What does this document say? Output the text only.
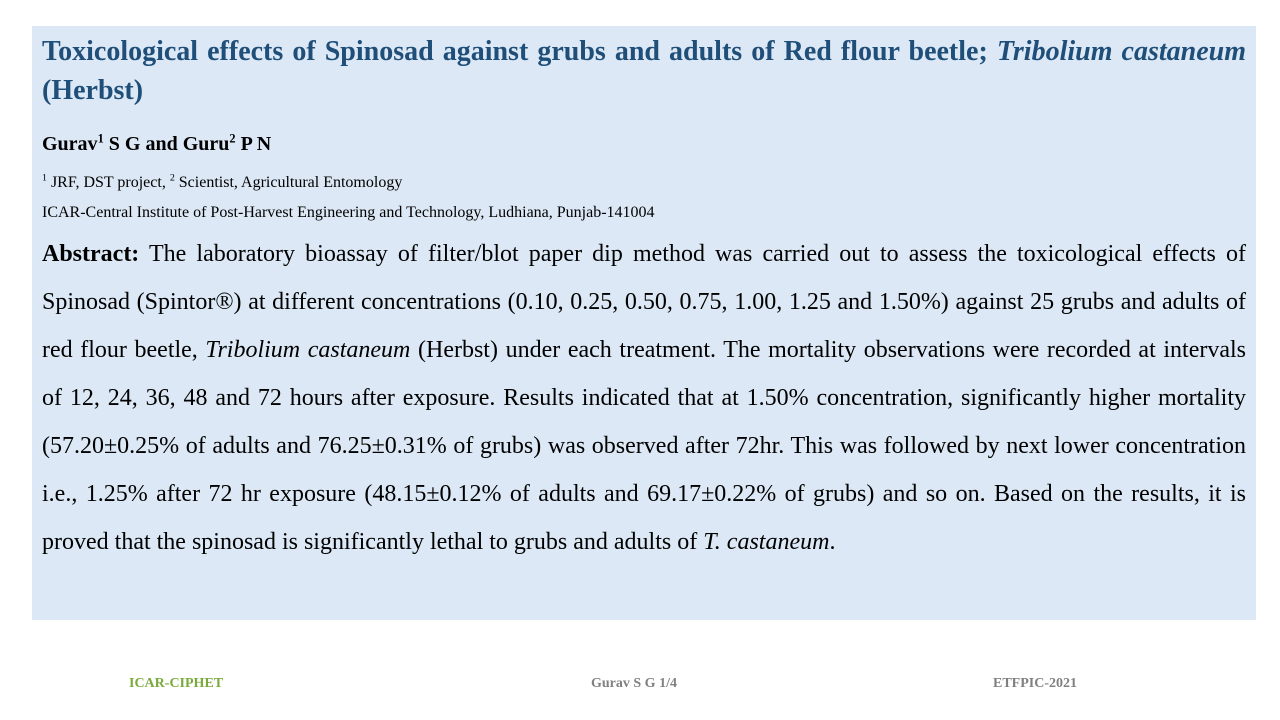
Toxicological effects of Spinosad against grubs and adults of Red flour beetle; Tribolium castaneum (Herbst)
Gurav$^1$ S G and Guru$^2$ P N
$^1$ JRF, DST project, $^2$ Scientist, Agricultural Entomology
ICAR-Central Institute of Post-Harvest Engineering and Technology, Ludhiana, Punjab-141004
Abstract: The laboratory bioassay of filter/blot paper dip method was carried out to assess the toxicological effects of Spinosad (Spintor®) at different concentrations (0.10, 0.25, 0.50, 0.75, 1.00, 1.25 and 1.50%) against 25 grubs and adults of red flour beetle, Tribolium castaneum (Herbst) under each treatment. The mortality observations were recorded at intervals of 12, 24, 36, 48 and 72 hours after exposure. Results indicated that at 1.50% concentration, significantly higher mortality (57.20±0.25% of adults and 76.25±0.31% of grubs) was observed after 72hr. This was followed by next lower concentration i.e., 1.25% after 72 hr exposure (48.15±0.12% of adults and 69.17±0.22% of grubs) and so on. Based on the results, it is proved that the spinosad is significantly lethal to grubs and adults of T. castaneum.
ICAR-CIPHET	Gurav S G 1/4	ETFPIC-2021
